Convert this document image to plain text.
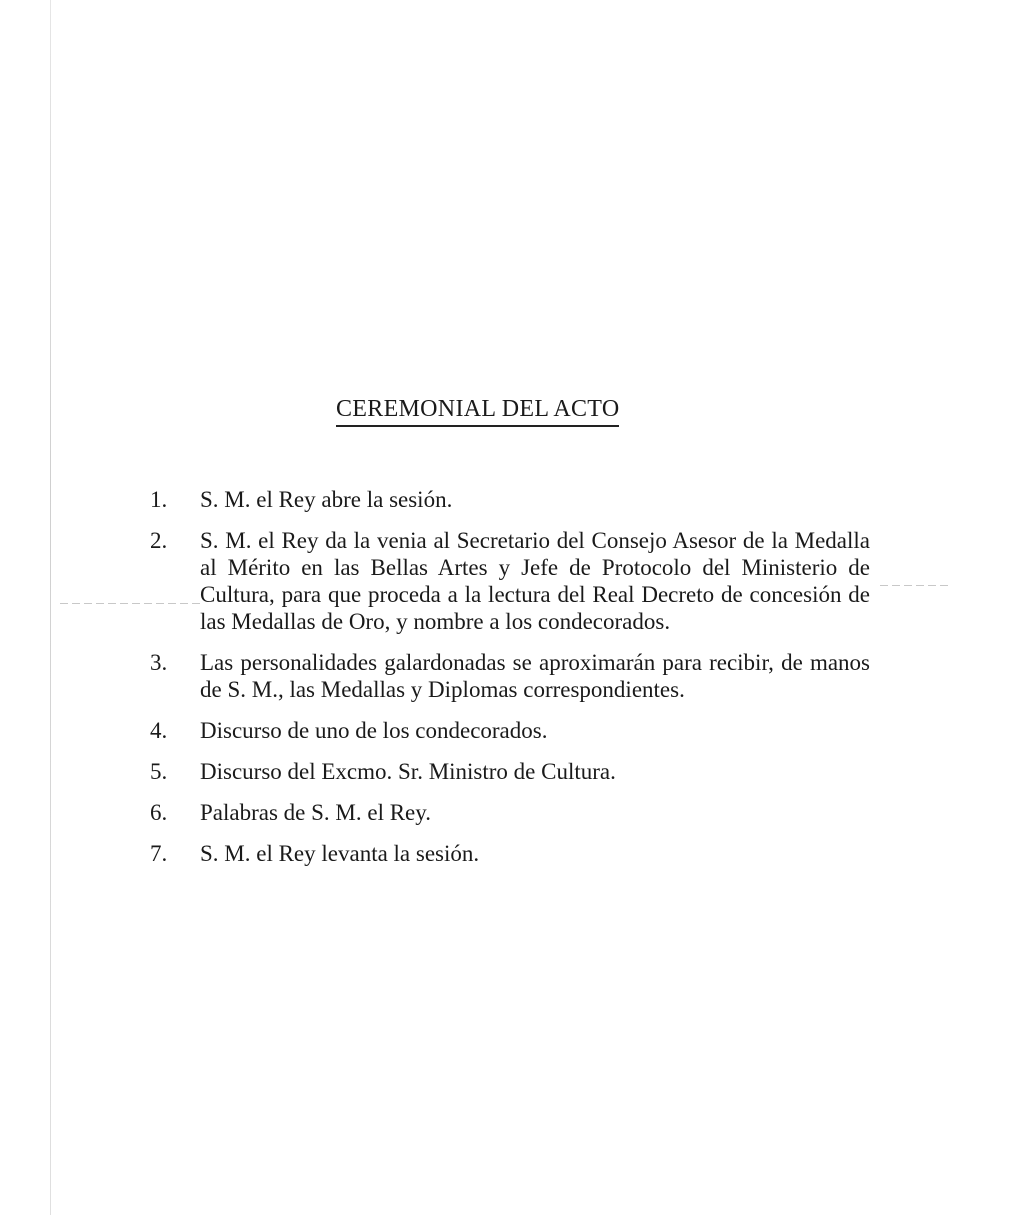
CEREMONIAL DEL ACTO
1.	S. M. el Rey abre la sesión.
2.	S. M. el Rey da la venia al Secretario del Consejo Asesor de la Medalla al Mérito en las Bellas Artes y Jefe de Protocolo del Ministerio de Cultura, para que proceda a la lectura del Real Decreto de concesión de las Medallas de Oro, y nombre a los condecorados.
3.	Las personalidades galardonadas se aproximarán para recibir, de manos de S. M., las Medallas y Diplomas correspondientes.
4.	Discurso de uno de los condecorados.
5.	Discurso del Excmo. Sr. Ministro de Cultura.
6.	Palabras de S. M. el Rey.
7.	S. M. el Rey levanta la sesión.
